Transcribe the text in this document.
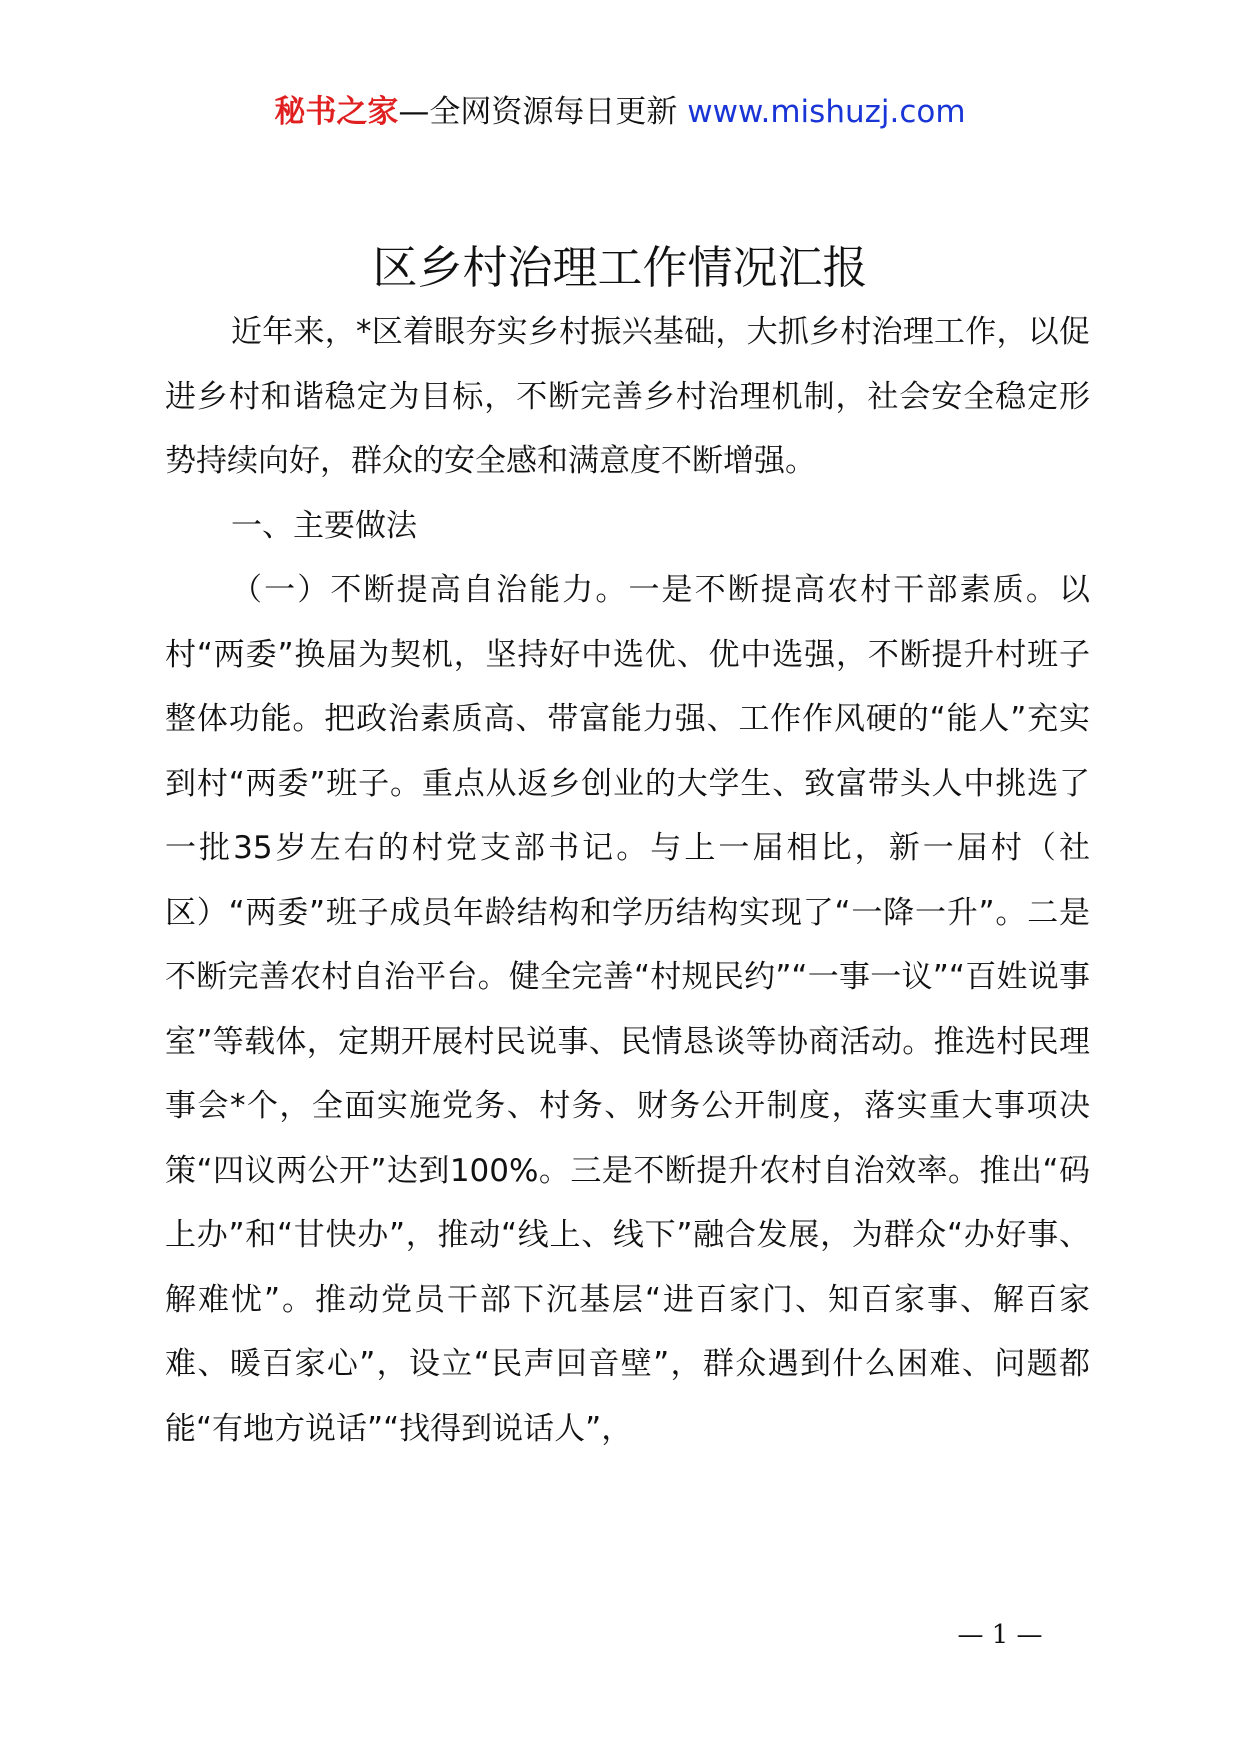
秘书之家—全网资源每日更新 www.mishuzj.com
区乡村治理工作情况汇报

近年来，*区着眼夯实乡村振兴基础，大抓乡村治理工作，以促进乡村和谐稳定为目标，不断完善乡村治理机制，社会安全稳定形势持续向好，群众的安全感和满意度不断增强。

一、主要做法

（一）不断提高自治能力。一是不断提高农村干部素质。以村“两委”换届为契机，坚持好中选优、优中选强，不断提升村班子整体功能。把政治素质高、带富能力强、工作作风硬的“能人”充实到村“两委”班子。重点从返乡创业的大学生、致富带头人中挑选了一批35岁左右的村党支部书记。与上一届相比，新一届村（社区）“两委”班子成员年龄结构和学历结构实现了“一降一升”。二是不断完善农村自治平台。健全完善“村规民约”“一事一议”“百姓说事室”等载体，定期开展村民说事、民情恳谈等协商活动。推选村民理事会*个，全面实施党务、村务、财务公开制度，落实重大事项决策“四议两公开”达到100%。三是不断提升农村自治效率。推出“码上办”和“甘快办”，推动“线上、线下”融合发展，为群众“办好事、解难忧”。推动党员干部下沉基层“进百家门、知百家事、解百家难、暖百家心”，设立“民声回音壁”，群众遇到什么困难、问题都能“有地方说话”“找得到说话人”，

— 1 —
